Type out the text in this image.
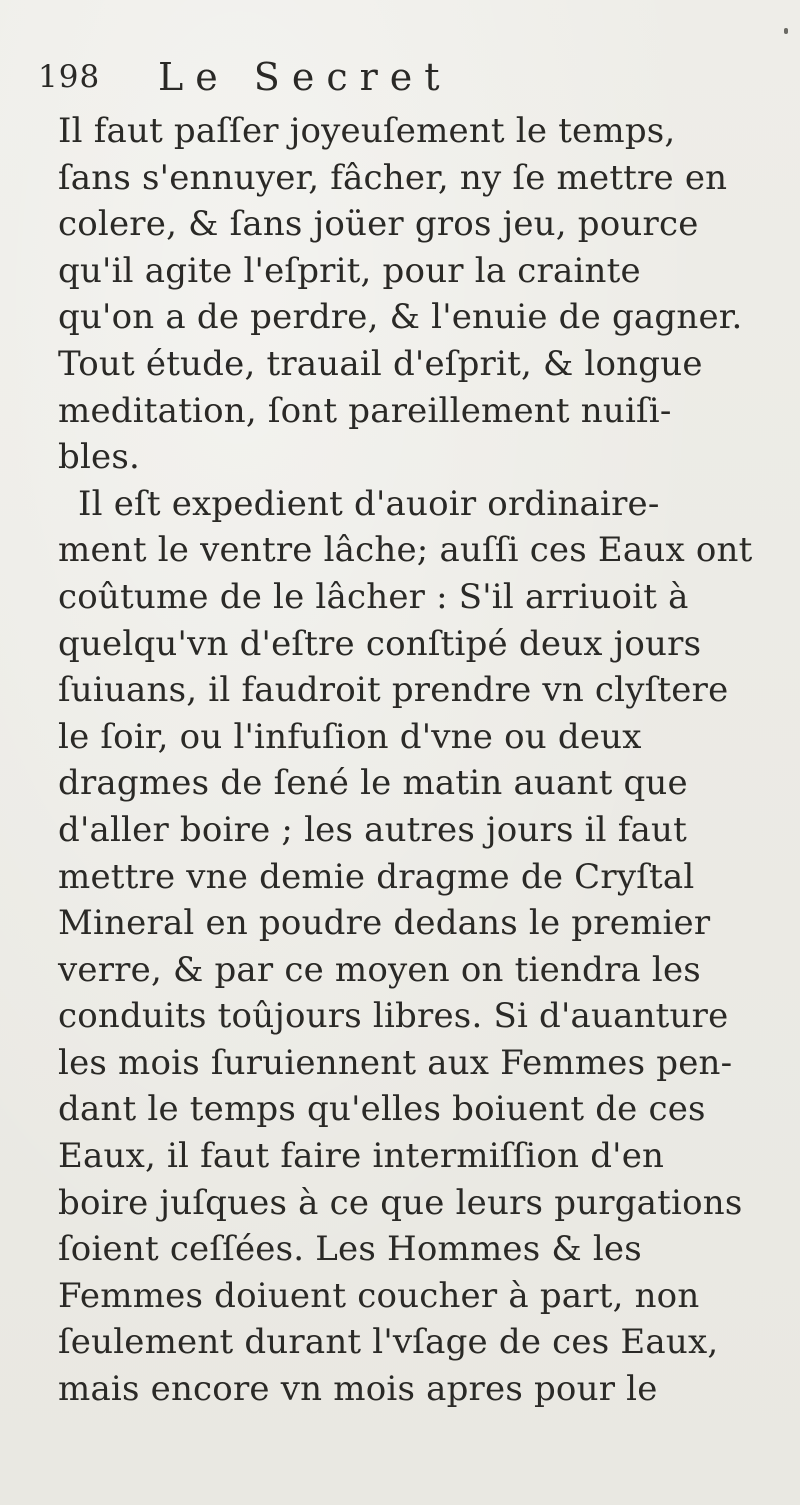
198 Le Secret
Il faut paſſer joyeuſement le temps,
ſans s'ennuyer, fâcher, ny ſe mettre en
colere, & ſans joüer gros jeu, pource
qu'il agite l'eſprit, pour la crainte
qu'on a de perdre, & l'enuie de gagner.
Tout étude, trauail d'eſprit, & longue
meditation, ſont pareillement nuiſi-
bles.
Il eſt expedient d'auoir ordinaire-
ment le ventre lâche; auſſi ces Eaux ont
coûtume de le lâcher : S'il arriuoit à
quelqu'vn d'eſtre conſtipé deux jours
ſuiuans, il faudroit prendre vn clyſtere
le ſoir, ou l'infuſion d'vne ou deux
dragmes de ſené le matin auant que
d'aller boire ; les autres jours il faut
mettre vne demie dragme de Cryſtal
Mineral en poudre dedans le premier
verre, & par ce moyen on tiendra les
conduits toûjours libres. Si d'auanture
les mois ſuruiennent aux Femmes pen-
dant le temps qu'elles boiuent de ces
Eaux, il faut faire intermiſſion d'en
boire juſques à ce que leurs purgations
ſoient ceſſées. Les Hommes & les
Femmes doiuent coucher à part, non
ſeulement durant l'vſage de ces Eaux,
mais encore vn mois apres pour le
